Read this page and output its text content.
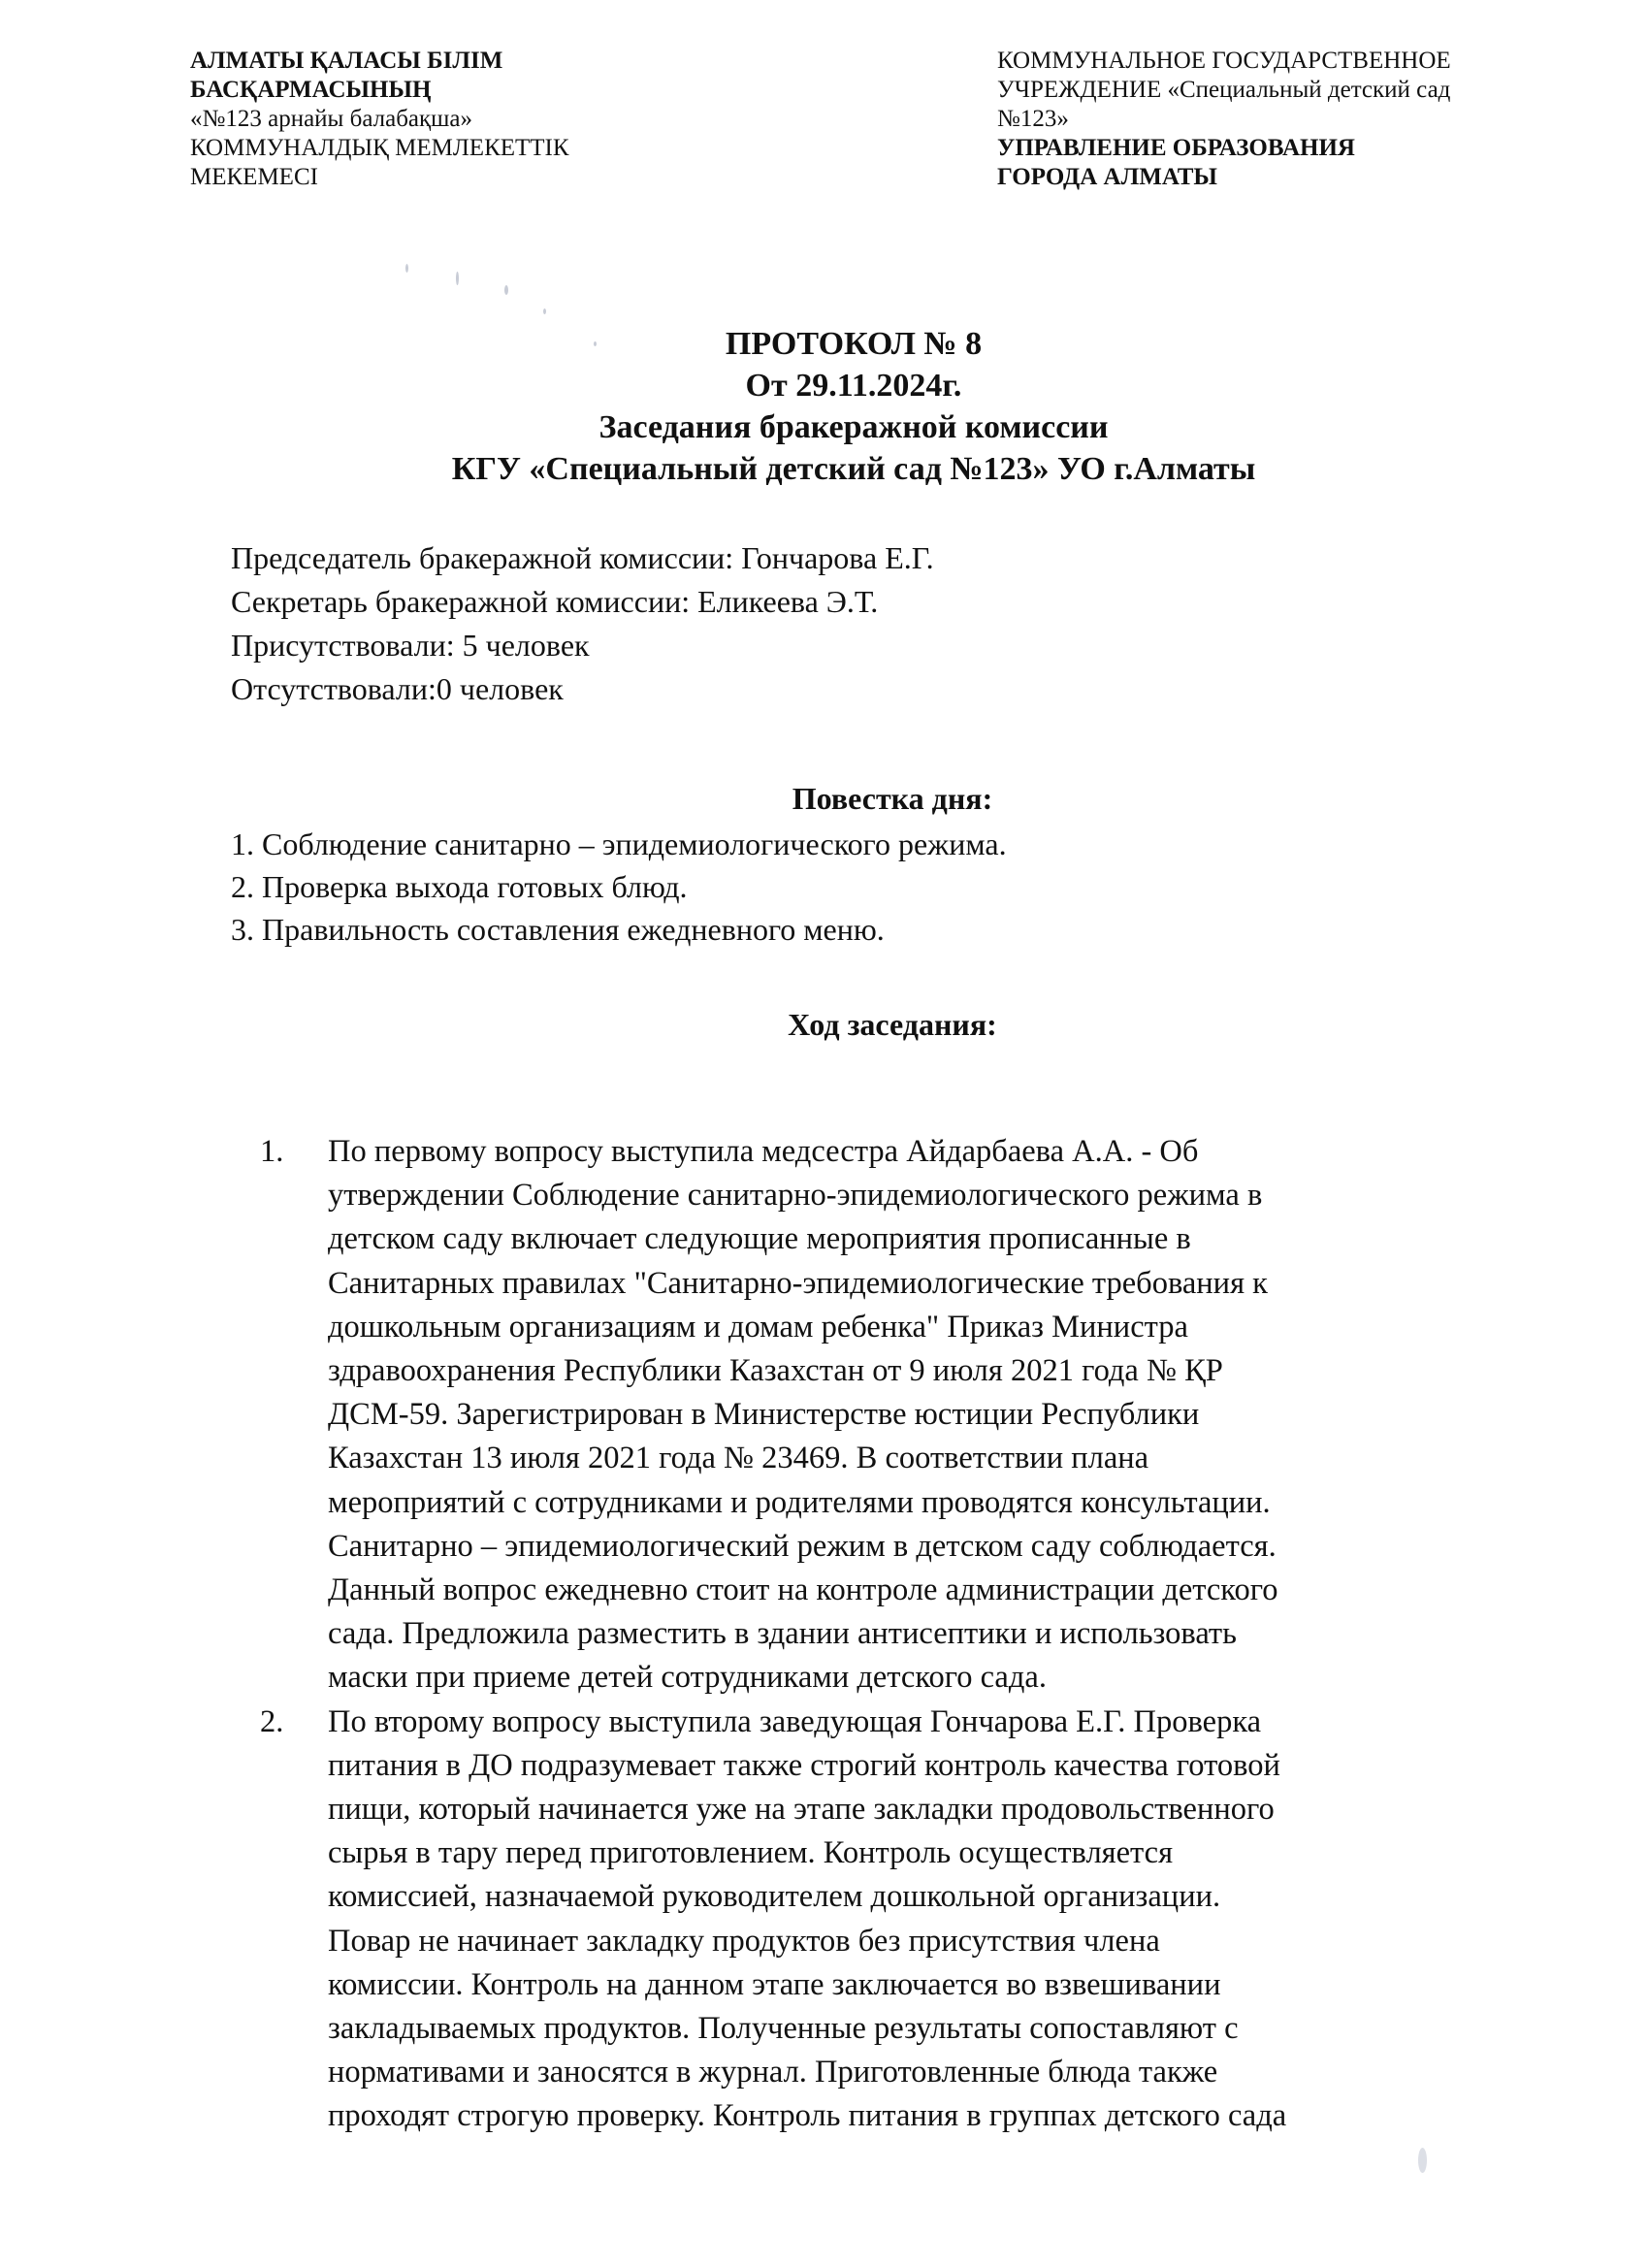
АЛМАТЫ ҚАЛАСЫ БІЛІМ
БАСҚАРМАСЫНЫҢ
«№123 арнайы балабақша»
КОММУНАЛДЫҚ МЕМЛЕКЕТТІК
МЕКЕМЕСІ
КОММУНАЛЬНОЕ ГОСУДАРСТВЕННОЕ
УЧРЕЖДЕНИЕ «Специальный детский сад
№123»
УПРАВЛЕНИЕ ОБРАЗОВАНИЯ
ГОРОДА АЛМАТЫ
ПРОТОКОЛ № 8
От 29.11.2024г.
Заседания бракеражной комиссии
КГУ «Специальный детский сад №123» УО г.Алматы
Председатель бракеражной комиссии: Гончарова Е.Г.
Секретарь бракеражной комиссии: Еликеева Э.Т.
Присутствовали: 5 человек
Отсутствовали:0 человек
Повестка дня:
1. Соблюдение санитарно – эпидемиологического режима.
2. Проверка выхода готовых блюд.
3. Правильность составления ежедневного меню.
Ход заседания:
1. По первому вопросу выступила медсестра Айдарбаева А.А. - Об
утверждении Соблюдение санитарно-эпидемиологического режима в
детском саду включает следующие мероприятия прописанные в
Санитарных правилах "Санитарно-эпидемиологические требования к
дошкольным организациям и домам ребенка" Приказ Министра
здравоохранения Республики Казахстан от 9 июля 2021 года № ҚР
ДСМ-59. Зарегистрирован в Министерстве юстиции Республики
Казахстан 13 июля 2021 года № 23469. В соответствии плана
мероприятий с сотрудниками и родителями проводятся консультации.
Санитарно – эпидемиологический режим в детском саду соблюдается.
Данный вопрос ежедневно стоит на контроле администрации детского
сада. Предложила разместить в здании антисептики и использовать
маски при приеме детей сотрудниками детского сада.
2. По второму вопросу выступила заведующая Гончарова Е.Г. Проверка
питания в ДО подразумевает также строгий контроль качества готовой
пищи, который начинается уже на этапе закладки продовольственного
сырья в тару перед приготовлением. Контроль осуществляется
комиссией, назначаемой руководителем дошкольной организации.
Повар не начинает закладку продуктов без присутствия члена
комиссии. Контроль на данном этапе заключается во взвешивании
закладываемых продуктов. Полученные результаты сопоставляют с
нормативами и заносятся в журнал. Приготовленные блюда также
проходят строгую проверку. Контроль питания в группах детского сада
